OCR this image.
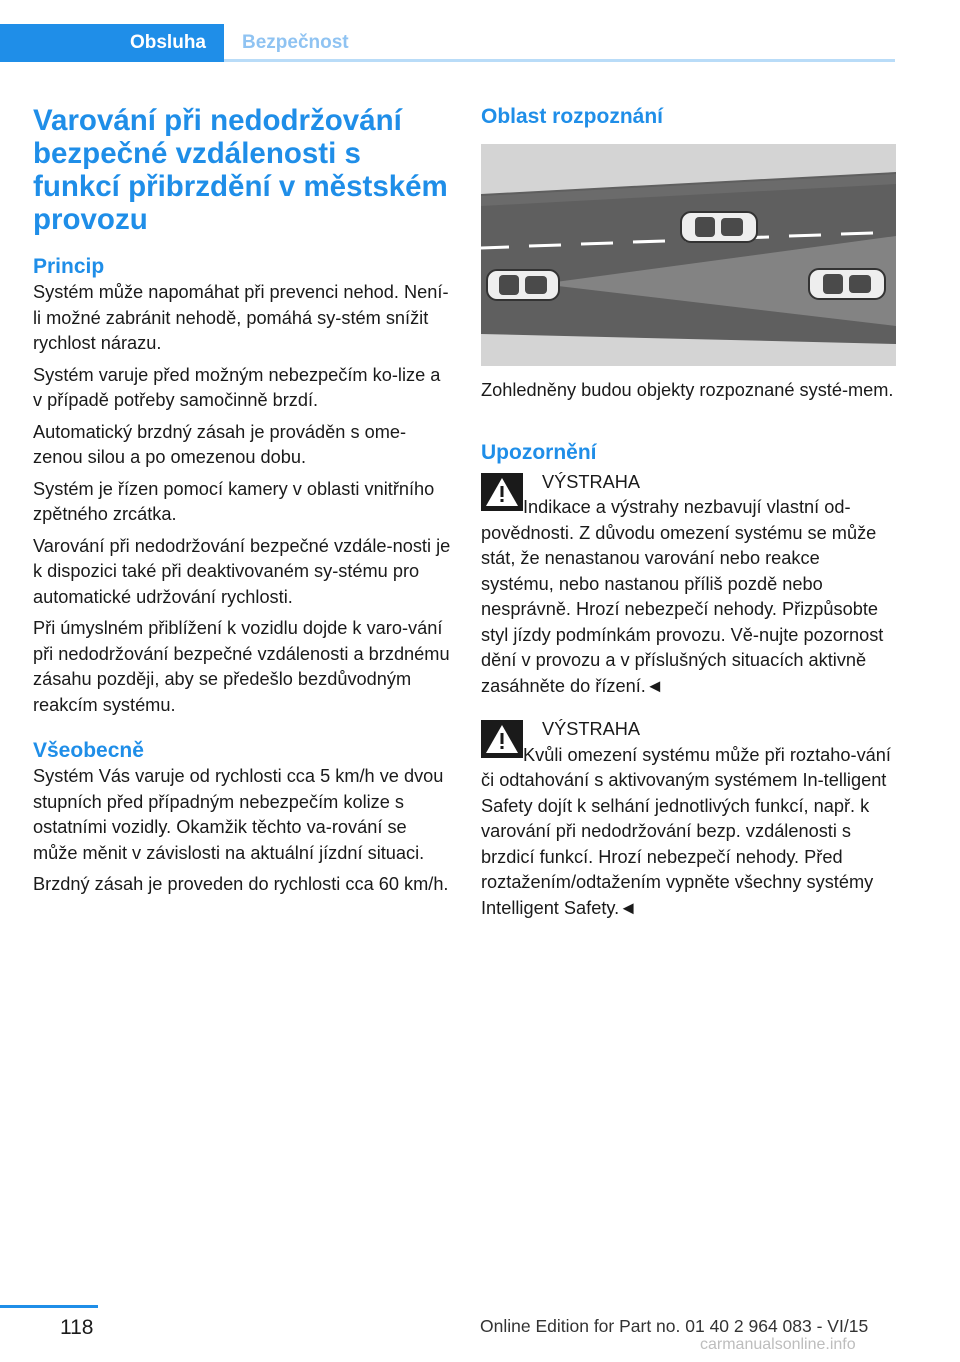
Obsluha	Bezpečnost
Varování při nedodržování bezpečné vzdálenosti s funkcí přibrzdění v městském provozu
Princip

Systém může napomáhat při prevenci nehod. Není-li možné zabránit nehodě, pomáhá sy-stém snížit rychlost nárazu.

Systém varuje před možným nebezpečím ko-lize a v případě potřeby samočinně brzdí.

Automatický brzdný zásah je prováděn s ome-zenou silou a po omezenou dobu.

Systém je řízen pomocí kamery v oblasti vnitřního zpětného zrcátka.

Varování při nedodržování bezpečné vzdále-nosti je k dispozici také při deaktivovaném sy-stému pro automatické udržování rychlosti.

Při úmyslném přiblížení k vozidlu dojde k varo-vání při nedodržování bezpečné vzdálenosti a brzdnému zásahu později, aby se předešlo bezdůvodným reakcím systému.

Všeobecně

Systém Vás varuje od rychlosti cca 5 km/h ve dvou stupních před případným nebezpečím kolize s ostatními vozidly. Okamžik těchto va-rování se může měnit v závislosti na aktuální jízdní situaci.

Brzdný zásah je proveden do rychlosti cca 60 km/h.

Oblast rozpoznání

Zohledněny budou objekty rozpoznané systé-mem.

Upozornění

VÝSTRAHA

Indikace a výstrahy nezbavují vlastní od-povědnosti. Z důvodu omezení systému se může stát, že nenastanou varování nebo reakce systému, nebo nastanou příliš pozdě nebo nesprávně. Hrozí nebezpečí nehody. Přizpůsobte styl jízdy podmínkám provozu. Vě-nujte pozornost dění v provozu a v příslušných situacích aktivně zasáhněte do řízení.◄

VÝSTRAHA

Kvůli omezení systému může při roztaho-vání či odtahování s aktivovaným systémem In-telligent Safety dojít k selhání jednotlivých funkcí, např. k varování při nedodržování bezp. vzdálenosti s brzdicí funkcí. Hrozí nebezpečí nehody. Před roztažením/odtažením vypněte všechny systémy Intelligent Safety.◄

118	Online Edition for Part no. 01 40 2 964 083 - VI/15
carmanualsonline.info
